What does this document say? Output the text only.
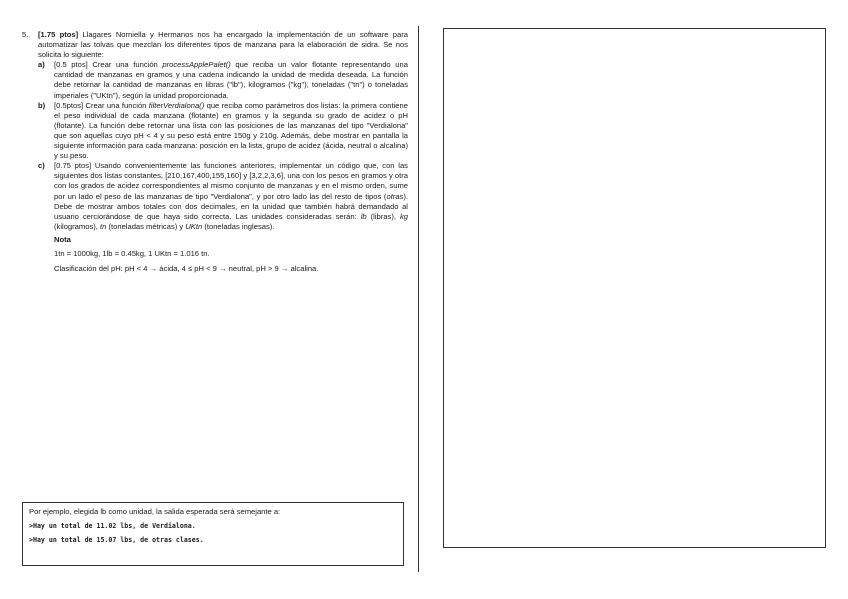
5.	[1.75 ptos] Llagares Norniella y Hermanos nos ha encargado la implementación de un software para automatizar las tolvas que mezclan los diferentes tipos de manzana para la elaboración de sidra. Se nos solicita lo siguiente:
a)	[0.5 ptos] Crear una función processApplePalet() que reciba un valor flotante representando una cantidad de manzanas en gramos y una cadena indicando la unidad de medida deseada. La función debe retornar la cantidad de manzanas en libras ("lb"), kilogramos ("kg"), toneladas ("tn") o toneladas imperiales ("UKtn"), según la unidad proporcionada.
b)	[0.5ptos] Crear una función filterVerdialona() que reciba como parámetros dos listas: la primera contiene el peso individual de cada manzana (flotante) en gramos y la segunda su grado de acidez o pH (flotante). La función debe retornar una lista con las posiciones de las manzanas del tipo "Verdialona" que son aquellas cuyo pH < 4 y su peso está entre 150g y 210g. Además, debe mostrar en pantalla la siguiente información para cada manzana: posición en la lista, grupo de acidez (ácida, neutral o alcalina) y su peso.
c)	[0.75 ptos] Usando convenientemente las funciones anteriores, implementar un código que, con las siguientes dos listas constantes, [210,167,400,155,160] y [3,2,2,3,6], una con los pesos en gramos y otra con los grados de acidez correspondientes al mismo conjunto de manzanas y en el mismo orden, sume por un lado el peso de las manzanas de tipo "Verdialona", y por otro lado las del resto de tipos (otras). Debe de mostrar ambos totales con dos decimales, en la unidad que también habrá demandado al usuario cerciorándose de que haya sido correcta. Las unidades consideradas serán: lb (libras), kg (kilogramos), tn (toneladas métricas) y UKtn (toneladas inglesas).
Nota

1tn = 1000kg, 1lb = 0.45kg, 1 UKtn = 1.016 tn.

Clasificación del pH: pH < 4 → ácida, 4 ≤ pH < 9 → neutral, pH > 9 → alcalina.

Por ejemplo, elegida lb como unidad, la salida esperada será semejante a:
>Hay un total de 11.02 lbs, de Verdialona.
>Hay un total de 15.07 lbs, de otras clases.
